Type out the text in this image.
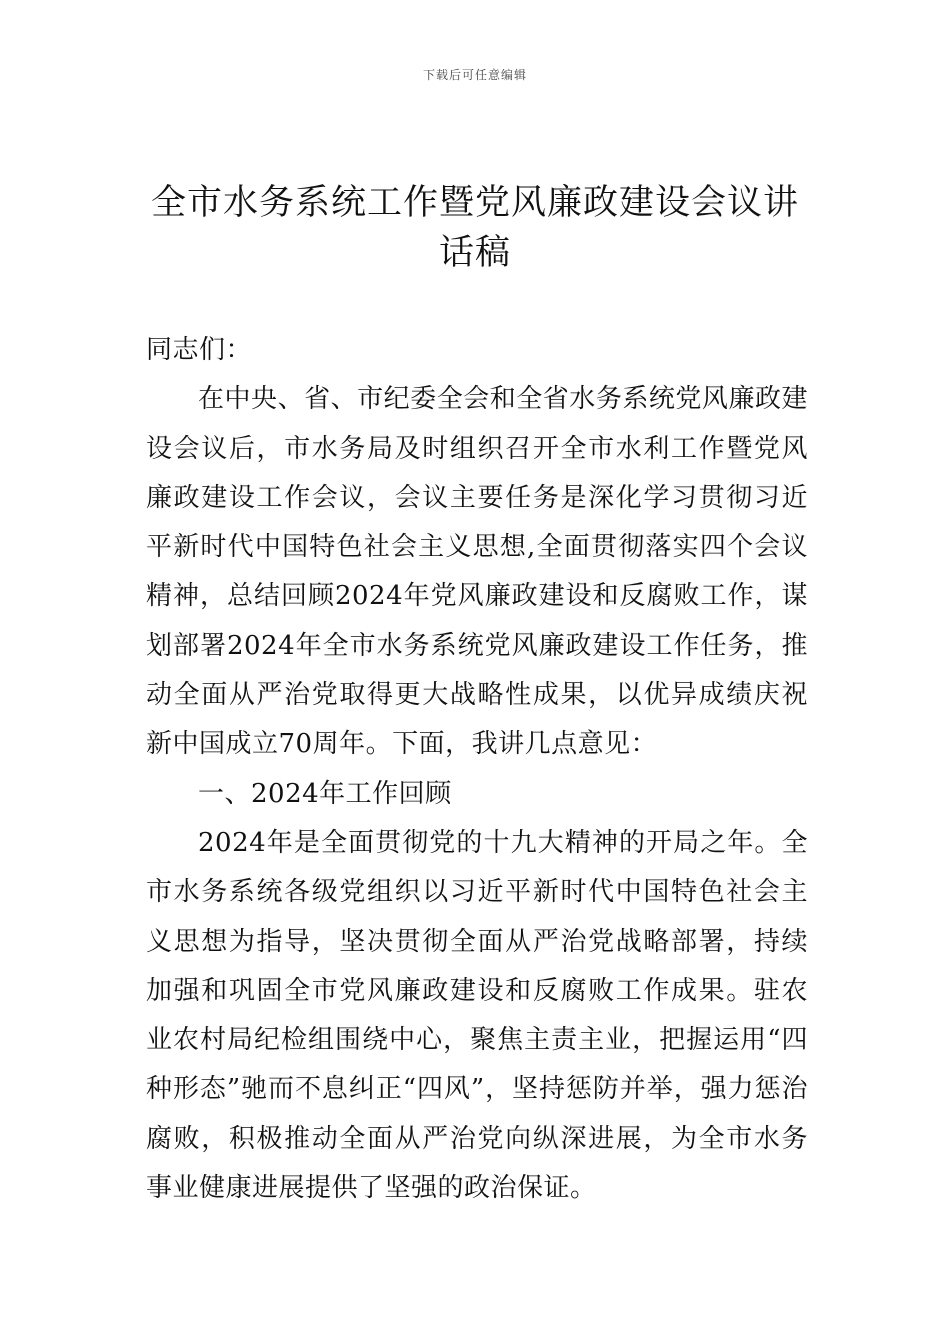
下载后可任意编辑
全市水务系统工作暨党风廉政建设会议讲话稿

同志们：

在中央、省、市纪委全会和全省水务系统党风廉政建设会议后，市水务局及时组织召开全市水利工作暨党风廉政建设工作会议，会议主要任务是深化学习贯彻习近平新时代中国特色社会主义思想,全面贯彻落实四个会议精神，总结回顾2024年党风廉政建设和反腐败工作，谋划部署2024年全市水务系统党风廉政建设工作任务，推动全面从严治党取得更大战略性成果，以优异成绩庆祝新中国成立70周年。下面，我讲几点意见：

一、2024年工作回顾

2024年是全面贯彻党的十九大精神的开局之年。全市水务系统各级党组织以习近平新时代中国特色社会主义思想为指导，坚决贯彻全面从严治党战略部署，持续加强和巩固全市党风廉政建设和反腐败工作成果。驻农业农村局纪检组围绕中心，聚焦主责主业，把握运用“四种形态”驰而不息纠正“四风”，坚持惩防并举，强力惩治腐败，积极推动全面从严治党向纵深进展，为全市水务事业健康进展提供了坚强的政治保证。
